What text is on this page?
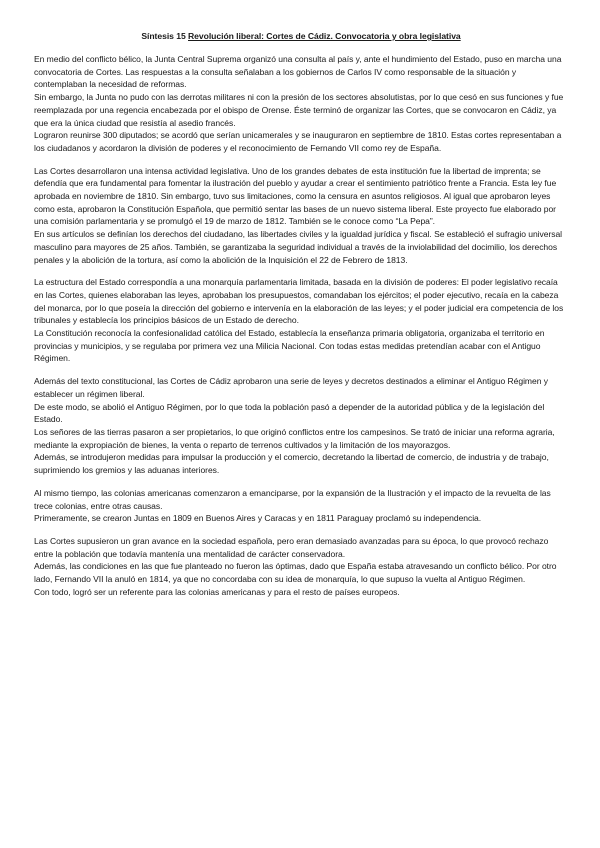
Síntesis 15 Revolución liberal: Cortes de Cádiz. Convocatoria y obra legislativa

En medio del conflicto bélico, la Junta Central Suprema organizó una consulta al país y, ante el hundimiento del Estado, puso en marcha una convocatoria de Cortes. Las respuestas a la consulta señalaban a los gobiernos de Carlos IV como responsable de la situación y contemplaban la necesidad de reformas.

Sin embargo, la Junta no pudo con las derrotas militares ni con la presión de los sectores absolutistas, por lo que cesó en sus funciones y fue reemplazada por una regencia encabezada por el obispo de Orense. Éste terminó de organizar las Cortes, que se convocaron en Cádiz, ya que era la única ciudad que resistía al asedio francés.

Lograron reunirse 300 diputados; se acordó que serían unicamerales y se inauguraron en septiembre de 1810. Estas cortes representaban a los ciudadanos y acordaron la división de poderes y el reconocimiento de Fernando VII como rey de España.

Las Cortes desarrollaron una intensa actividad legislativa. Uno de los grandes debates de esta institución fue la libertad de imprenta; se defendía que era fundamental para fomentar la ilustración del pueblo y ayudar a crear el sentimiento patriótico frente a Francia. Esta ley fue aprobada en noviembre de 1810. Sin embargo, tuvo sus limitaciones, como la censura en asuntos religiosos. Al igual que aprobaron leyes como esta, aprobaron la Constitución Española, que permitió sentar las bases de un nuevo sistema liberal. Este proyecto fue elaborado por una comisión parlamentaria y se promulgó el 19 de marzo de 1812. También se le conoce como “La Pepa”.

En sus artículos se definían los derechos del ciudadano, las libertades civiles y la igualdad jurídica y fiscal. Se estableció el sufragio universal masculino para mayores de 25 años. También, se garantizaba la seguridad individual a través de la inviolabilidad del docimilio, los derechos penales y la abolición de la tortura, así como la abolición de la Inquisición el 22 de Febrero de 1813.

La estructura del Estado correspondía a una monarquía parlamentaria limitada, basada en la división de poderes: El poder legislativo recaía en las Cortes, quienes elaboraban las leyes, aprobaban los presupuestos, comandaban los ejércitos; el poder ejecutivo, recaía en la cabeza del monarca, por lo que poseía la dirección del gobierno e intervenía en la elaboración de las leyes; y el poder judicial era competencia de los tribunales y establecía los principios básicos de un Estado de derecho.

La Constitución reconocía la confesionalidad católica del Estado, establecía la enseñanza primaria obligatoria, organizaba el territorio en provincias y municipios, y se regulaba por primera vez una Milicia Nacional. Con todas estas medidas pretendían acabar con el Antiguo Régimen.

Además del texto constitucional, las Cortes de Cádiz aprobaron una serie de leyes y decretos destinados a eliminar el Antiguo Régimen y establecer un régimen liberal.

De este modo, se abolió el Antiguo Régimen, por lo que toda la población pasó a depender de la autoridad pública y de la legislación del Estado.

Los señores de las tierras pasaron a ser propietarios, lo que originó conflictos entre los campesinos. Se trató de iniciar una reforma agraria, mediante la expropiación de bienes, la venta o reparto de terrenos cultivados y la limitación de los mayorazgos.

Además, se introdujeron medidas para impulsar la producción y el comercio, decretando la libertad de comercio, de industria y de trabajo, suprimiendo los gremios y las aduanas interiores.

Al mismo tiempo, las colonias americanas comenzaron a emanciparse, por la expansión de la Ilustración y el impacto de la revuelta de las trece colonias, entre otras causas.

Primeramente, se crearon Juntas en 1809 en Buenos Aires y Caracas y en 1811 Paraguay proclamó su independencia.

Las Cortes supusieron un gran avance en la sociedad española, pero eran demasiado avanzadas para su época, lo que provocó rechazo entre la población que todavía mantenía una mentalidad de carácter conservadora.

Además, las condiciones en las que fue planteado no fueron las óptimas, dado que España estaba atravesando un conflicto bélico. Por otro lado, Fernando VII la anuló en 1814, ya que no concordaba con su idea de monarquía, lo que supuso la vuelta al Antiguo Régimen.

Con todo, logró ser un referente para las colonias americanas y para el resto de países europeos.
